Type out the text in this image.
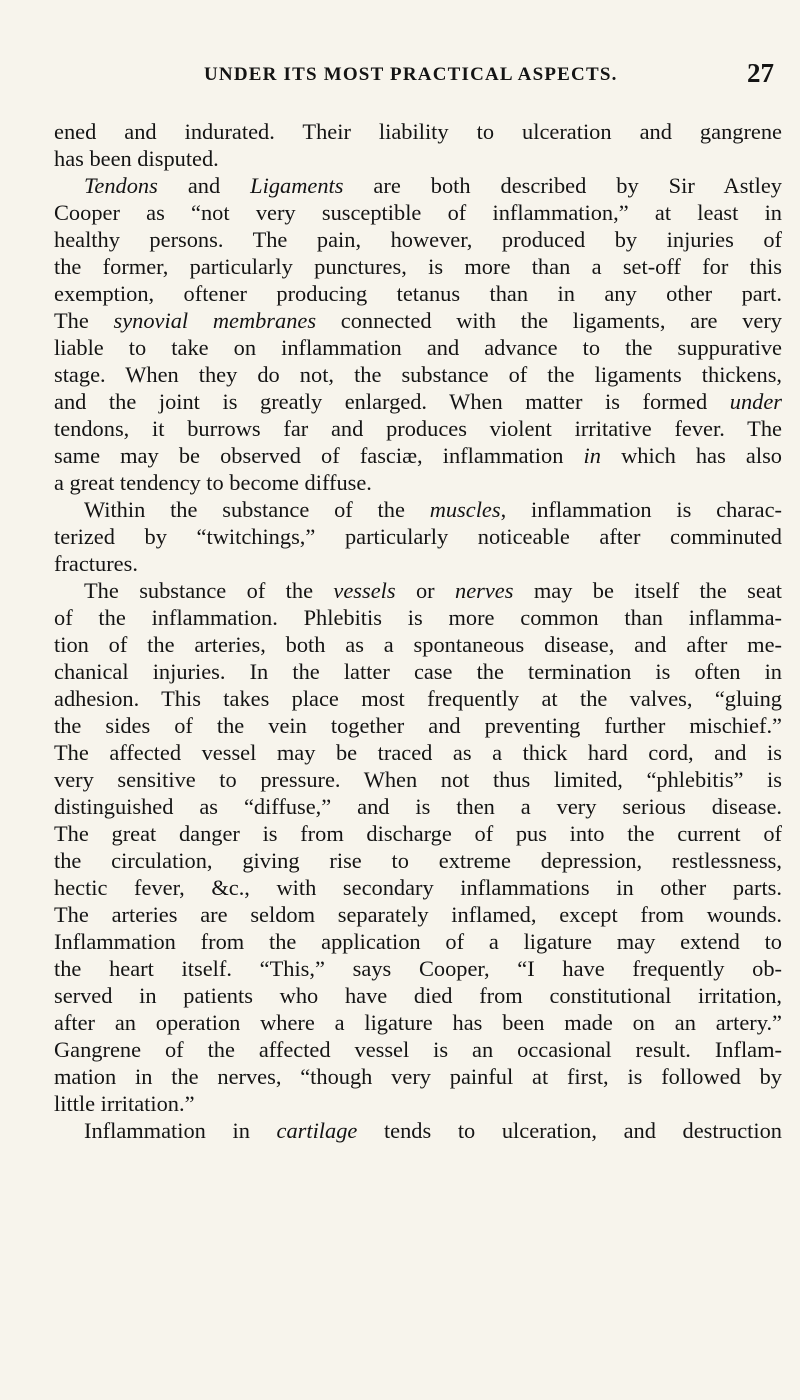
UNDER ITS MOST PRACTICAL ASPECTS.	27
ened and indurated. Their liability to ulceration and gangrene
has been disputed.
Tendons and Ligaments are both described by Sir Astley
Cooper as “not very susceptible of inflammation,” at least in
healthy persons. The pain, however, produced by injuries of
the former, particularly punctures, is more than a set-off for this
exemption, oftener producing tetanus than in any other part.
The synovial membranes connected with the ligaments, are very
liable to take on inflammation and advance to the suppurative
stage. When they do not, the substance of the ligaments thickens,
and the joint is greatly enlarged. When matter is formed under
tendons, it burrows far and produces violent irritative fever. The
same may be observed of fasciæ, inflammation in which has also
a great tendency to become diffuse.
Within the substance of the muscles, inflammation is charac-
terized by “twitchings,” particularly noticeable after comminuted
fractures.
The substance of the vessels or nerves may be itself the seat
of the inflammation. Phlebitis is more common than inflamma-
tion of the arteries, both as a spontaneous disease, and after me-
chanical injuries. In the latter case the termination is often in
adhesion. This takes place most frequently at the valves, “gluing
the sides of the vein together and preventing further mischief.”
The affected vessel may be traced as a thick hard cord, and is
very sensitive to pressure. When not thus limited, “phlebitis” is
distinguished as “diffuse,” and is then a very serious disease.
The great danger is from discharge of pus into the current of
the circulation, giving rise to extreme depression, restlessness,
hectic fever, &c., with secondary inflammations in other parts.
The arteries are seldom separately inflamed, except from wounds.
Inflammation from the application of a ligature may extend to
the heart itself. “This,” says Cooper, “I have frequently ob-
served in patients who have died from constitutional irritation,
after an operation where a ligature has been made on an artery.”
Gangrene of the affected vessel is an occasional result. Inflam-
mation in the nerves, “though very painful at first, is followed by
little irritation.”
Inflammation in cartilage tends to ulceration, and destruction
